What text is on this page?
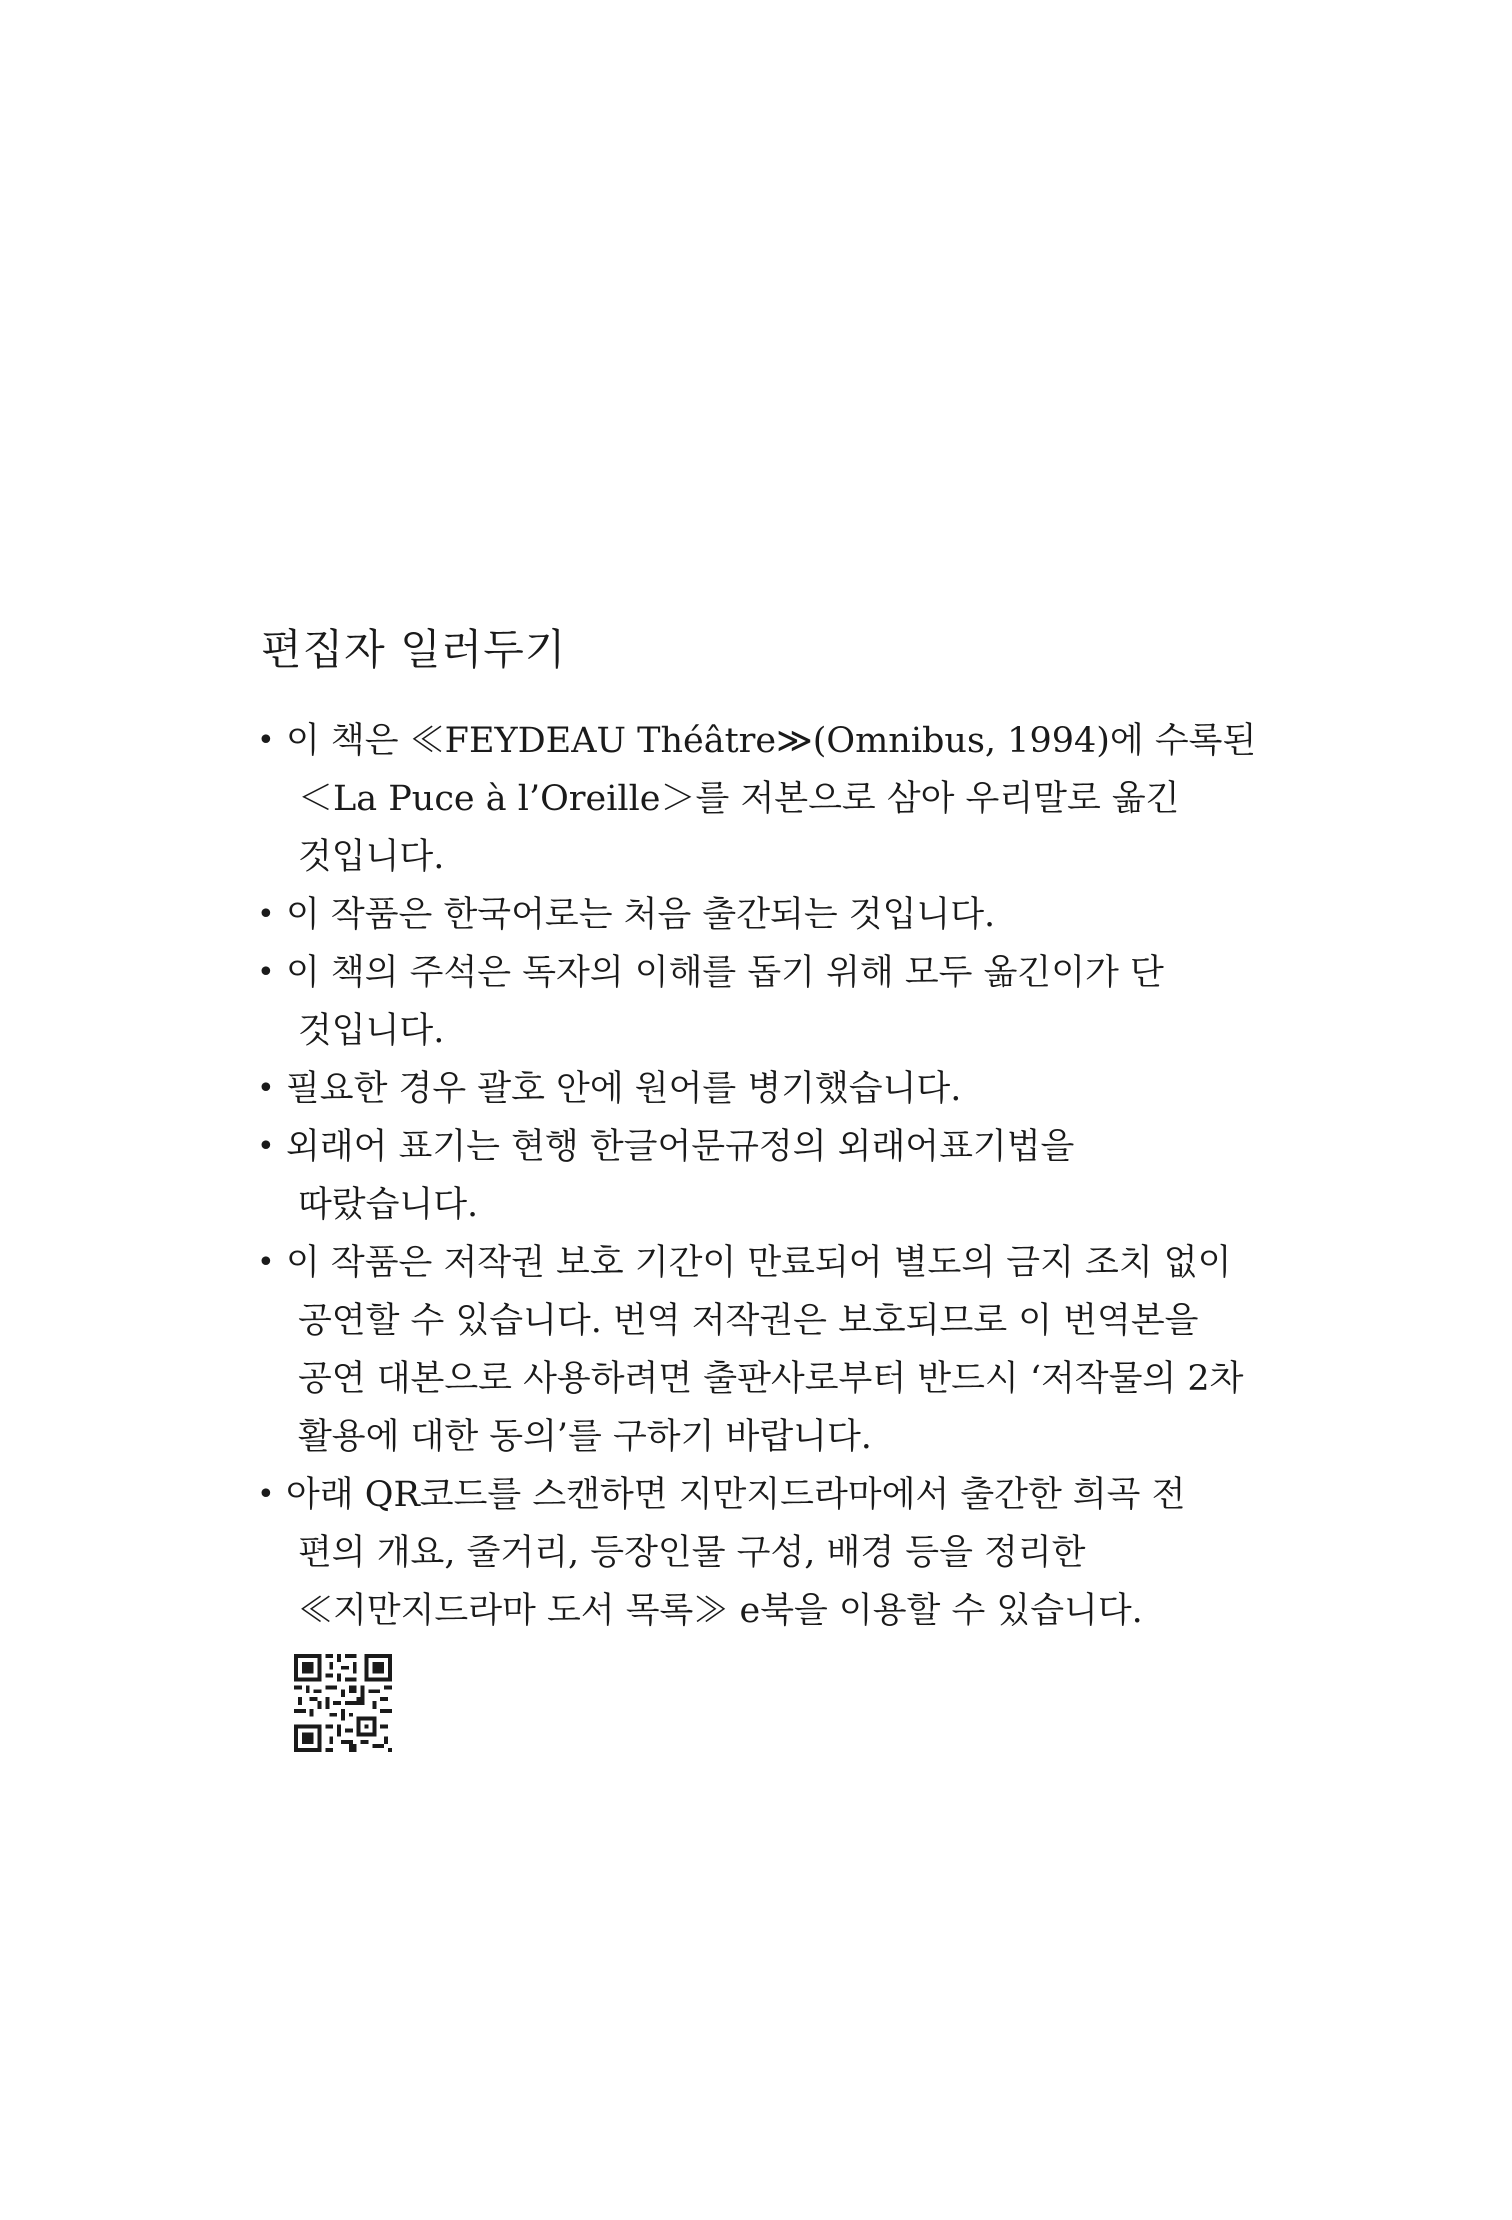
편집자 일러두기
• 이 책은 ≪FEYDEAU Théâtre≫(Omnibus, 1994)에 수록된
＜La Puce à l’Oreille＞를 저본으로 삼아 우리말로 옮긴
것입니다.
• 이 작품은 한국어로는 처음 출간되는 것입니다.
• 이 책의 주석은 독자의 이해를 돕기 위해 모두 옮긴이가 단
것입니다.
• 필요한 경우 괄호 안에 원어를 병기했습니다.
• 외래어 표기는 현행 한글어문규정의 외래어표기법을
따랐습니다.
• 이 작품은 저작권 보호 기간이 만료되어 별도의 금지 조치 없이
공연할 수 있습니다. 번역 저작권은 보호되므로 이 번역본을
공연 대본으로 사용하려면 출판사로부터 반드시 ‘저작물의 2차
활용에 대한 동의’를 구하기 바랍니다.
• 아래 QR코드를 스캔하면 지만지드라마에서 출간한 희곡 전
편의 개요, 줄거리, 등장인물 구성, 배경 등을 정리한
≪지만지드라마 도서 목록≫ e북을 이용할 수 있습니다.
